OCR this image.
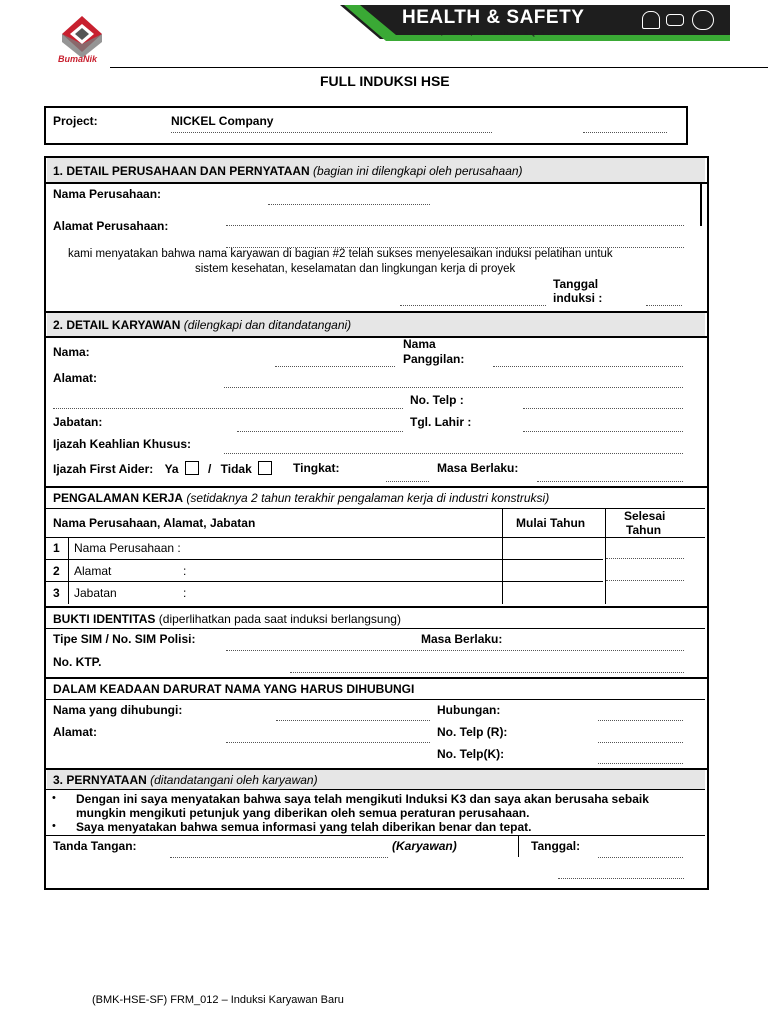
BumaNik
HEALTH & SAFETY
SAFETY, HEALTH, ENVIRONMENT & QUALITY
FULL INDUKSI HSE
Project:	NICKEL Company
1. DETAIL PERUSAHAAN DAN PERNYATAAN (bagian ini dilengkapi oleh perusahaan)
Nama Perusahaan:
Alamat Perusahaan:
kami menyatakan bahwa nama karyawan di bagian #2 telah sukses menyelesaikan induksi pelatihan untuk
sistem kesehatan, keselamatan dan lingkungan kerja di proyek
Tanggal
induksi :
2. DETAIL KARYAWAN (dilengkapi dan ditandatangani)
Nama:
Nama
Panggilan:
Alamat:
No. Telp :
Jabatan:	Tgl. Lahir :
Ijazah Keahlian Khusus:
Ijazah First Aider: Ya / Tidak	Tingkat:	Masa Berlaku:
PENGALAMAN KERJA (setidaknya 2 tahun terakhir pengalaman kerja di industri konstruksi)
Nama Perusahaan, Alamat, Jabatan	Mulai Tahun	Selesai
Tahun
1 Nama Perusahaan :
2 Alamat	:
3 Jabatan	:
BUKTI IDENTITAS (diperlihatkan pada saat induksi berlangsung)
Tipe SIM / No. SIM Polisi:	Masa Berlaku:
No. KTP.
DALAM KEADAAN DARURAT NAMA YANG HARUS DIHUBUNGI
Nama yang dihubungi:	Hubungan:
Alamat:	No. Telp (R):
No. Telp(K):
3. PERNYATAAN (ditandatangani oleh karyawan)
• Dengan ini saya menyatakan bahwa saya telah mengikuti Induksi K3 dan saya akan berusaha sebaik
mungkin mengikuti petunjuk yang diberikan oleh semua peraturan perusahaan.
• Saya menyatakan bahwa semua informasi yang telah diberikan benar dan tepat.
Tanda Tangan:	(Karyawan)	Tanggal:
(BMK-HSE-SF) FRM_012 – Induksi Karyawan Baru
